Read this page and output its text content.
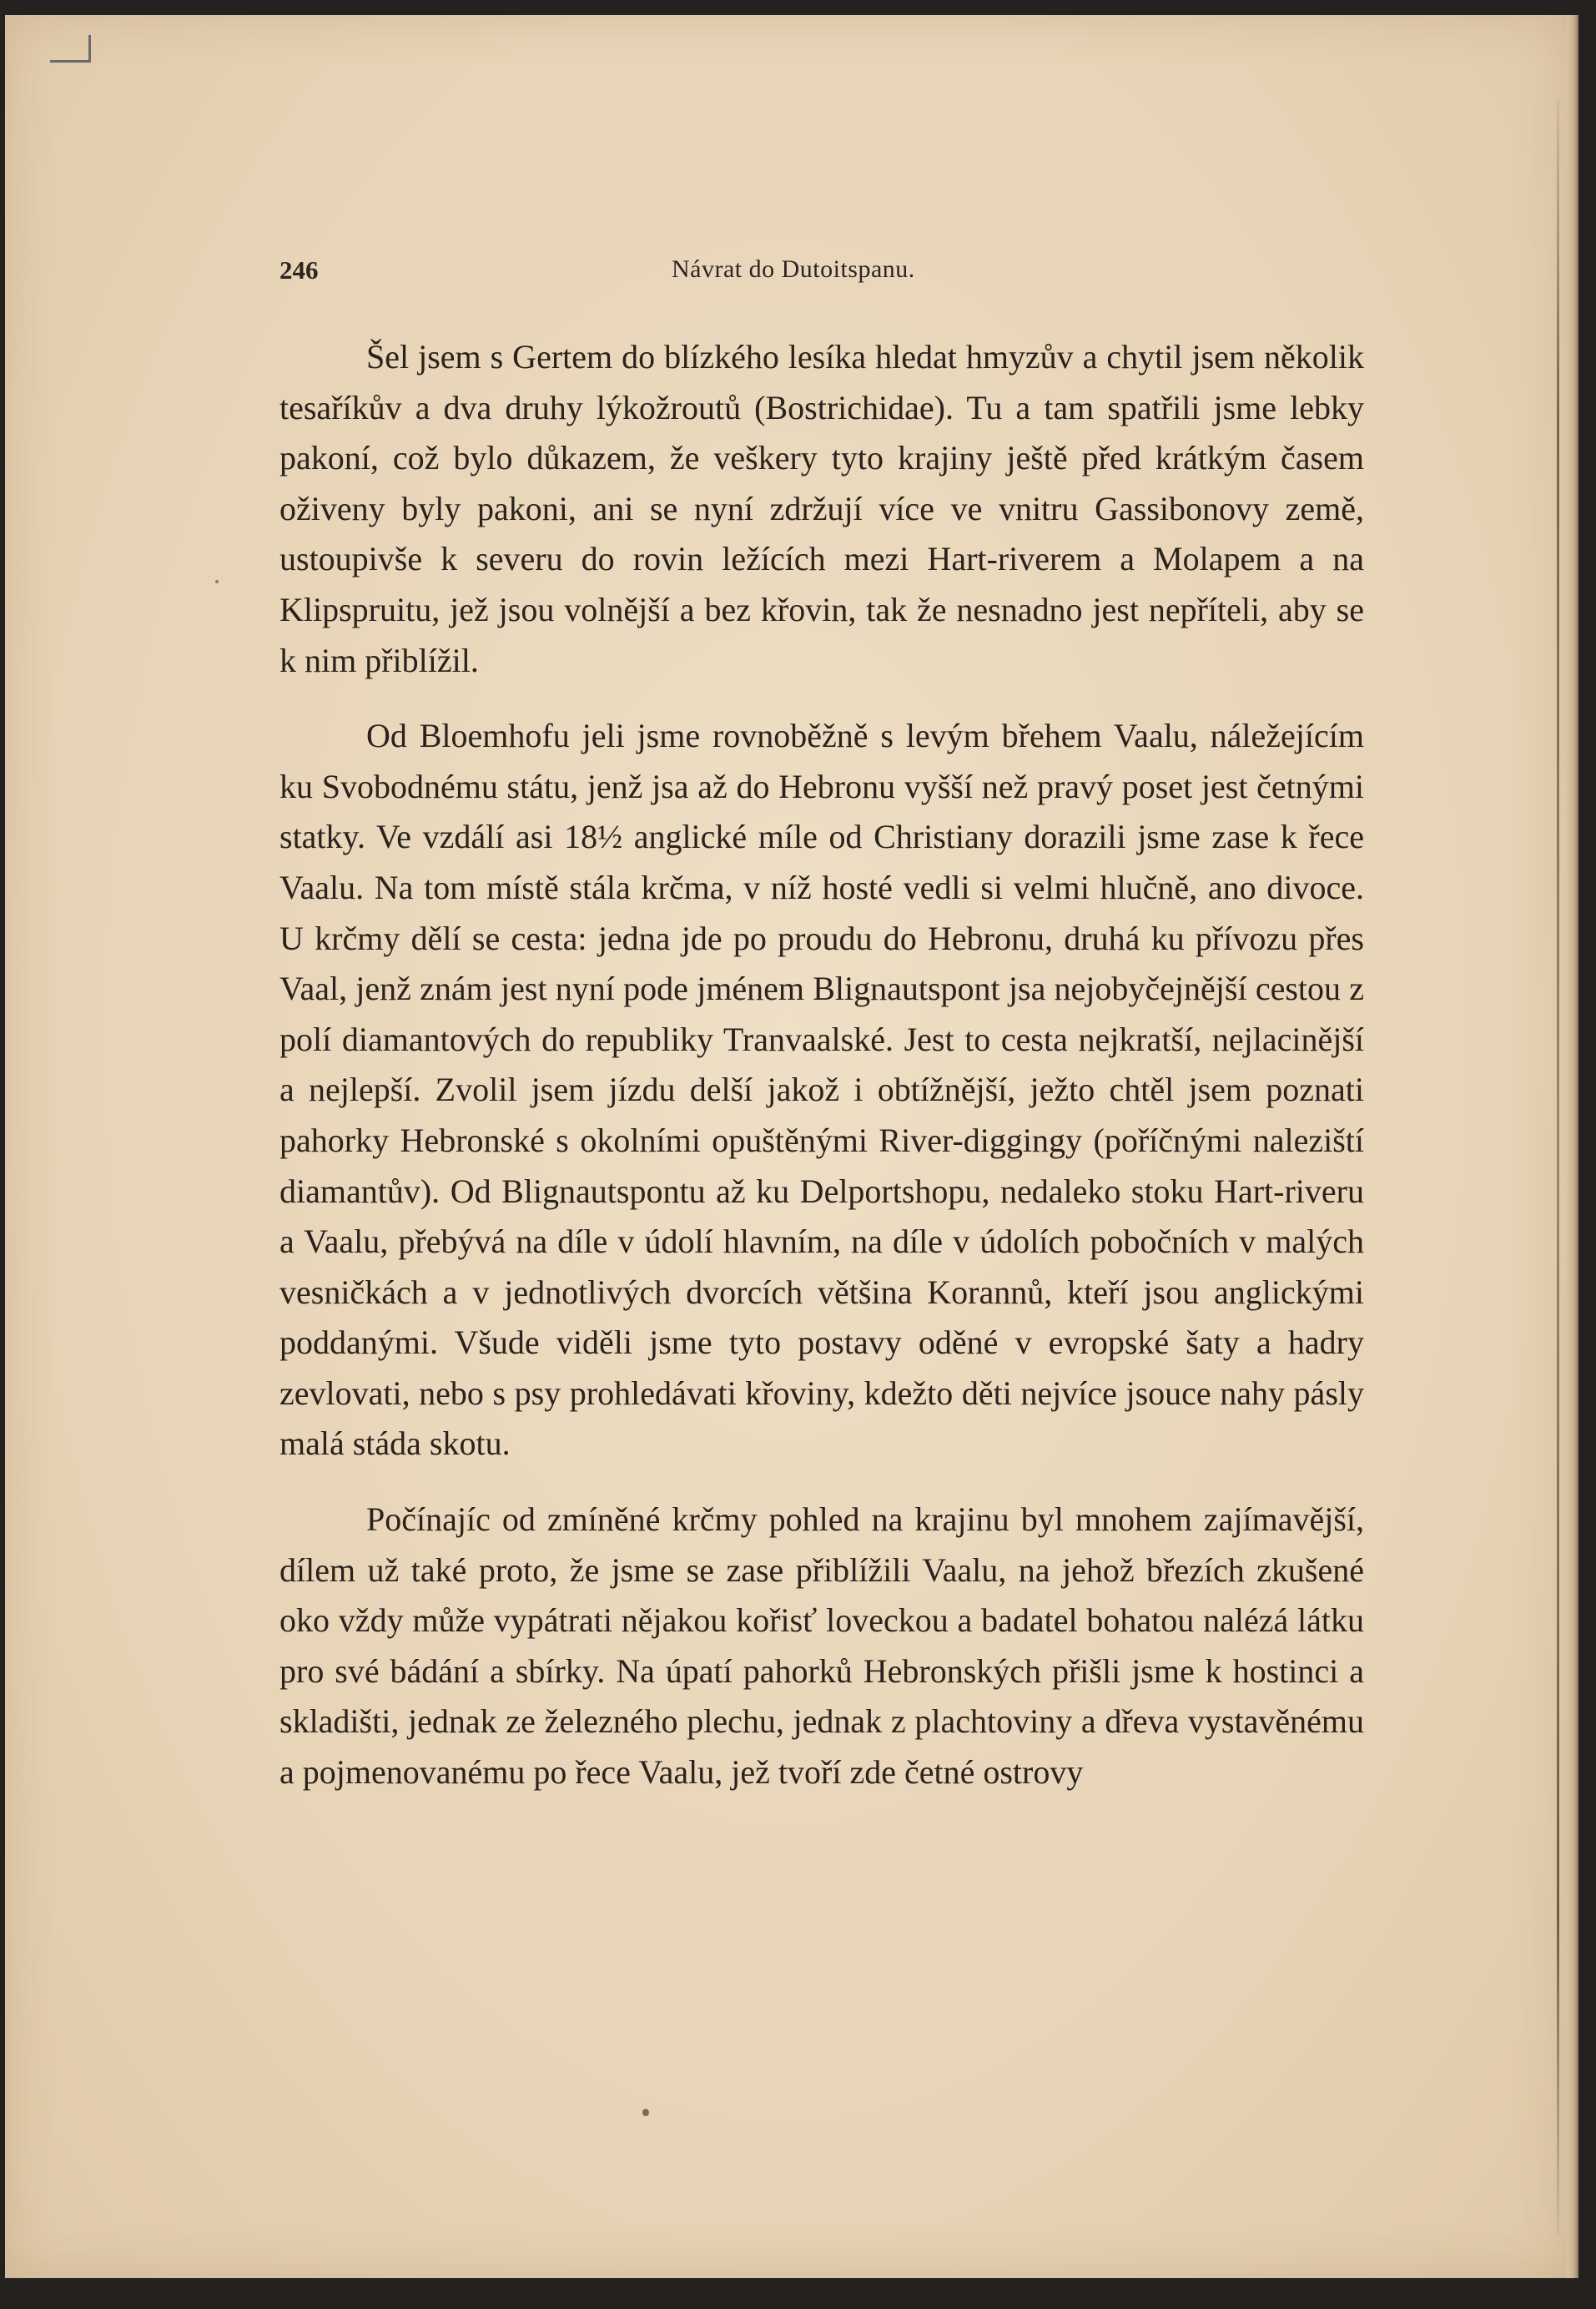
246	Návrat do Dutoitspanu.

Šel jsem s Gertem do blízkého lesíka hledat hmyzův a chytil jsem několik tesaříkův a dva druhy lýkožroutů (Bostrichidae). Tu a tam spatřili jsme lebky pakoní, což bylo důkazem, že veškery tyto krajiny ještě před krátkým časem oživeny byly pakoni, ani se nyní zdržují více ve vnitru Gassibonovy země, ustoupivše k severu do rovin ležících mezi Hart-riverem a Molapem a na Klipspruitu, jež jsou volnější a bez křovin, tak že nesnadno jest nepříteli, aby se k nim přiblížil.

Od Bloemhofu jeli jsme rovnoběžně s levým břehem Vaalu, náležejícím ku Svobodnému státu, jenž jsa až do Hebronu vyšší než pravý poset jest četnými statky. Ve vzdálí asi 18½ anglické míle od Christiany dorazili jsme zase k řece Vaalu. Na tom místě stála krčma, v níž hosté vedli si velmi hlučně, ano divoce. U krčmy dělí se cesta: jedna jde po proudu do Hebronu, druhá ku přívozu přes Vaal, jenž znám jest nyní pode jménem Blignautspont jsa nejobyčejnější cestou z polí diamantových do republiky Tranvaalské. Jest to cesta nejkratší, nejlacinější a nejlepší. Zvolil jsem jízdu delší jakož i obtížnější, ježto chtěl jsem poznati pahorky Hebronské s okolními opuštěnými River-diggingy (poříčnými naleziští diamantův). Od Blignautspontu až ku Delportshopu, nedaleko stoku Hart-riveru a Vaalu, přebývá na díle v údolí hlavním, na díle v údolích pobočních v malých vesničkách a v jednotlivých dvorcích většina Korannů, kteří jsou anglickými poddanými. Všude viděli jsme tyto postavy oděné v evropské šaty a hadry zevlovati, nebo s psy prohledávati křoviny, kdežto děti nejvíce jsouce nahy pásly malá stáda skotu.

Počínajíc od zmíněné krčmy pohled na krajinu byl mnohem zajímavější, dílem už také proto, že jsme se zase přiblížili Vaalu, na jehož březích zkušené oko vždy může vypátrati nějakou kořisť loveckou a badatel bohatou nalézá látku pro své bádání a sbírky. Na úpatí pahorků Hebronských přišli jsme k hostinci a skladišti, jednak ze železného plechu, jednak z plachtoviny a dřeva vystavěnému a pojmenovanému po řece Vaalu, jež tvoří zde četné ostrovy
